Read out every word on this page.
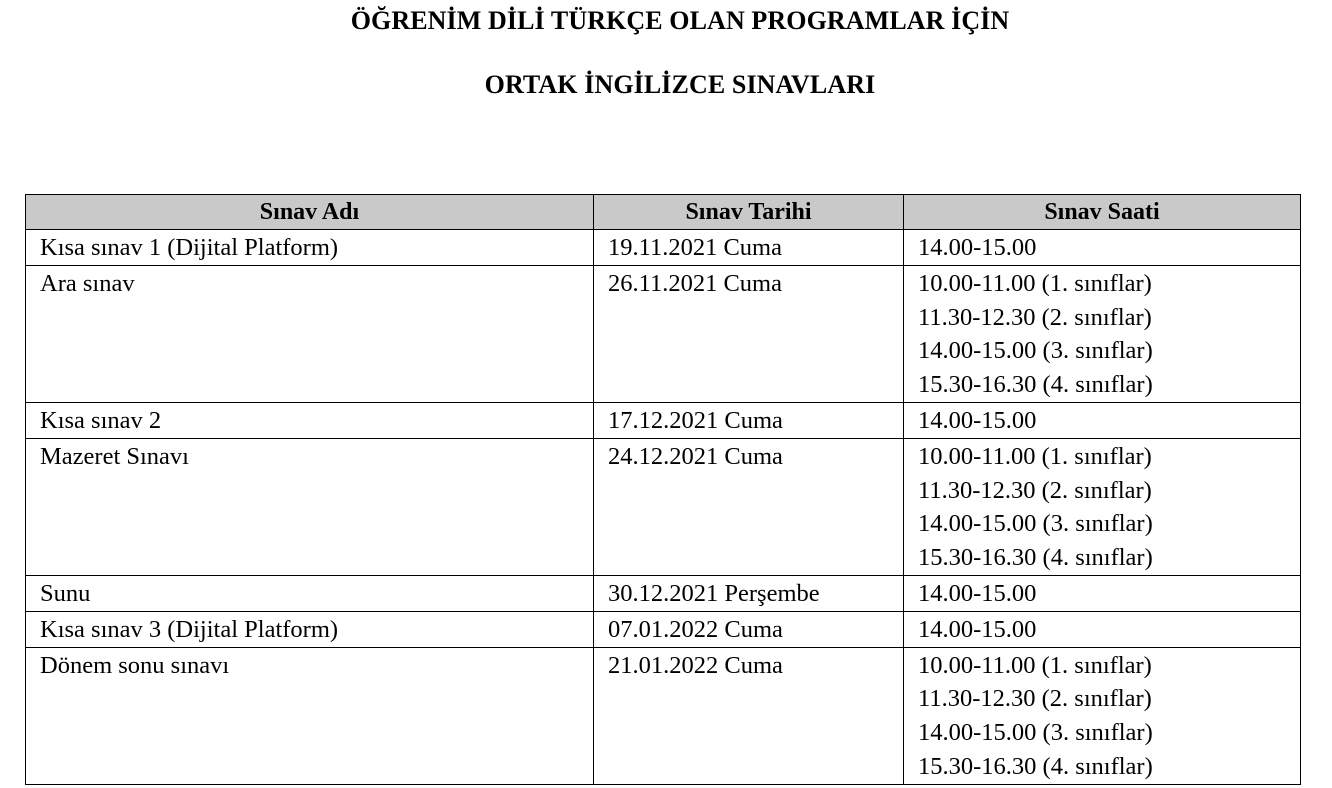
ÖĞRENİM DİLİ TÜRKÇE OLAN PROGRAMLAR İÇİN
ORTAK İNGİLİZCE SINAVLARI
Sınav Adı	Sınav Tarihi	Sınav Saati

Kısa sınav 1 (Dijital Platform)	19.11.2021 Cuma	14.00-15.00

Ara sınav	26.11.2021 Cuma	10.00-11.00 (1. sınıflar)
11.30-12.30 (2. sınıflar)
14.00-15.00 (3. sınıflar)
15.30-16.30 (4. sınıflar)

Kısa sınav 2	17.12.2021 Cuma	14.00-15.00

Mazeret Sınavı	24.12.2021 Cuma	10.00-11.00 (1. sınıflar)
11.30-12.30 (2. sınıflar)
14.00-15.00 (3. sınıflar)
15.30-16.30 (4. sınıflar)

Sunu	30.12.2021 Perşembe	14.00-15.00

Kısa sınav 3 (Dijital Platform)	07.01.2022 Cuma	14.00-15.00

Dönem sonu sınavı	21.01.2022 Cuma	10.00-11.00 (1. sınıflar)
11.30-12.30 (2. sınıflar)
14.00-15.00 (3. sınıflar)
15.30-16.30 (4. sınıflar)
